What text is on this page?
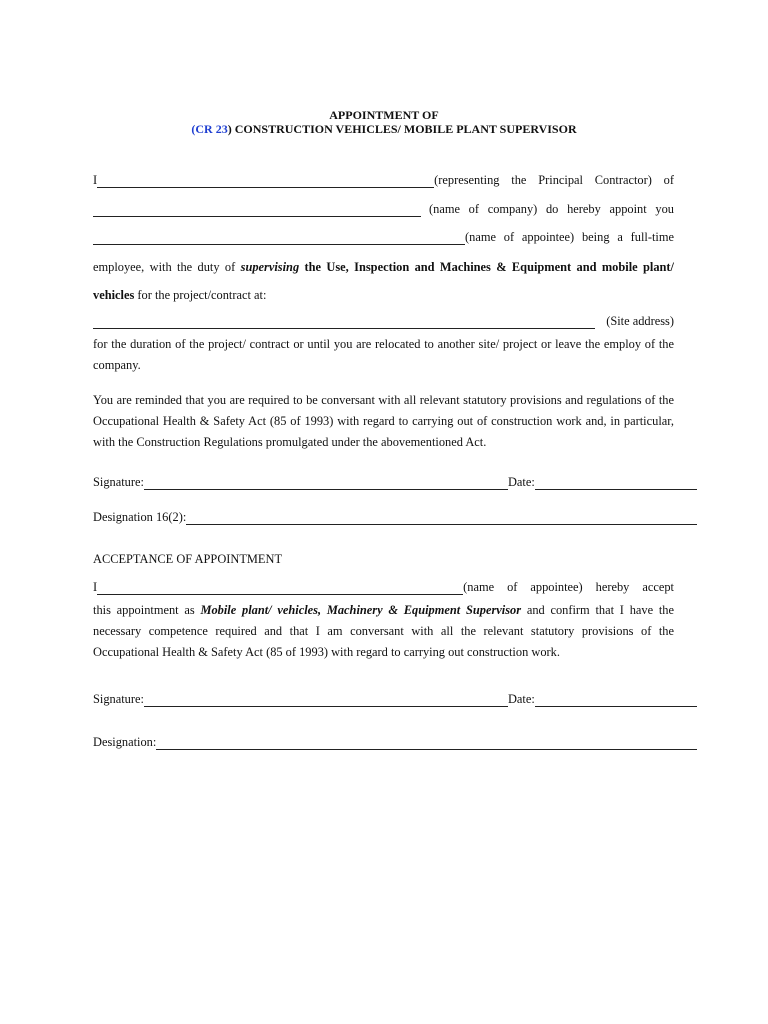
APPOINTMENT OF
(CR 23) CONSTRUCTION VEHICLES/ MOBILE PLANT SUPERVISOR
I	(representing the Principal Contractor) of
(name of company) do hereby appoint you
(name of appointee) being a full-time
employee, with the duty of supervising the Use, Inspection and Machines & Equipment and mobile plant/
vehicles for the project/contract at:
(Site address)
for the duration of the project/ contract or until you are relocated to another site/ project or leave the employ of the company.
You are reminded that you are required to be conversant with all relevant statutory provisions and regulations of the Occupational Health & Safety Act (85 of 1993) with regard to carrying out of construction work and, in particular, with the Construction Regulations promulgated under the abovementioned Act.
Signature:	Date:
Designation 16(2):
ACCEPTANCE OF APPOINTMENT
I	(name of appointee) hereby accept
this appointment as Mobile plant/ vehicles, Machinery & Equipment Supervisor and confirm that I have the necessary competence required and that I am conversant with all the relevant statutory provisions of the Occupational Health & Safety Act (85 of 1993) with regard to carrying out construction work.
Signature:	Date:
Designation:
